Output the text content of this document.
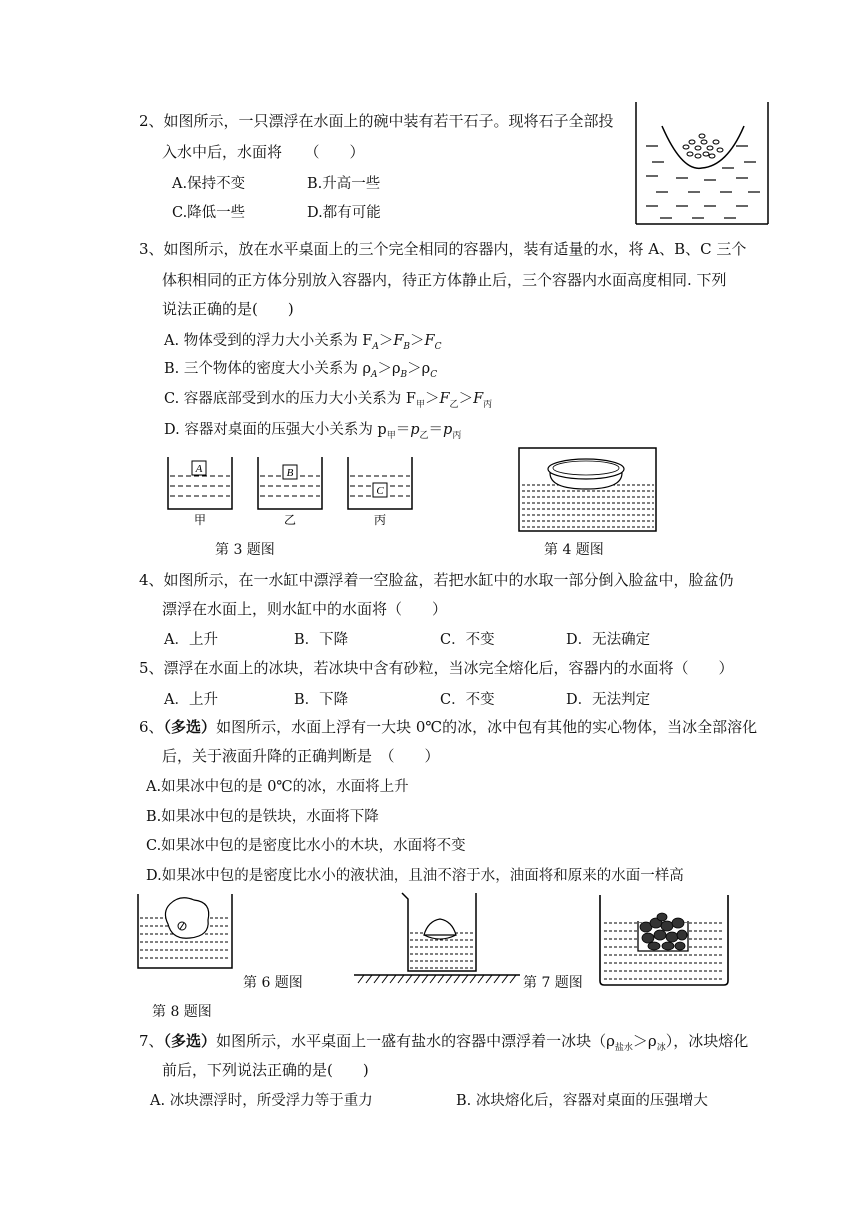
2、如图所示，一只漂浮在水面上的碗中装有若干石子。现将石子全部投
入水中后，水面将　　（　　）
A.保持不变	B.升高一些
C.降低一些	D.都有可能
3、如图所示，放在水平桌面上的三个完全相同的容器内，装有适量的水，将 A、B、C 三个
体积相同的正方体分别放入容器内，待正方体静止后，三个容器内水面高度相同. 下列
说法正确的是(　　)
A. 物体受到的浮力大小关系为 $F_A>F_B>F_C$
B. 三个物体的密度大小关系为 $\rho_A>\rho_B>\rho_C$
C. 容器底部受到水的压力大小关系为 $F_甲>F_乙>F_丙$
D. 容器对桌面的压强大小关系为 $p_甲=p_乙=p_丙$
A	B
C
甲	乙	丙
第 3 题图	第 4 题图
4、如图所示，在一水缸中漂浮着一空脸盆，若把水缸中的水取一部分倒入脸盆中，脸盆仍
漂浮在水面上，则水缸中的水面将（　　）
A．上升	B．下降	C．不变	D．无法确定
5、漂浮在水面上的冰块，若冰块中含有砂粒，当冰完全熔化后，容器内的水面将（　　）
A．上升	B．下降	C．不变	D．无法判定
6、（多选）如图所示，水面上浮有一大块 0℃的冰，冰中包有其他的实心物体，当冰全部溶化
后，关于液面升降的正确判断是　（　　）
A.如果冰中包的是 0℃的冰，水面将上升
B.如果冰中包的是铁块，水面将下降
C.如果冰中包的是密度比水小的木块，水面将不变
D.如果冰中包的是密度比水小的液状油，且油不溶于水，油面将和原来的水面一样高
第 6 题图	第 7 题图
第 8 题图
7、（多选）如图所示，水平桌面上一盛有盐水的容器中漂浮着一冰块$(\rho_{盐水}>\rho_冰)$，冰块熔化
前后，下列说法正确的是(　　)
A. 冰块漂浮时，所受浮力等于重力	B. 冰块熔化后，容器对桌面的压强增大
